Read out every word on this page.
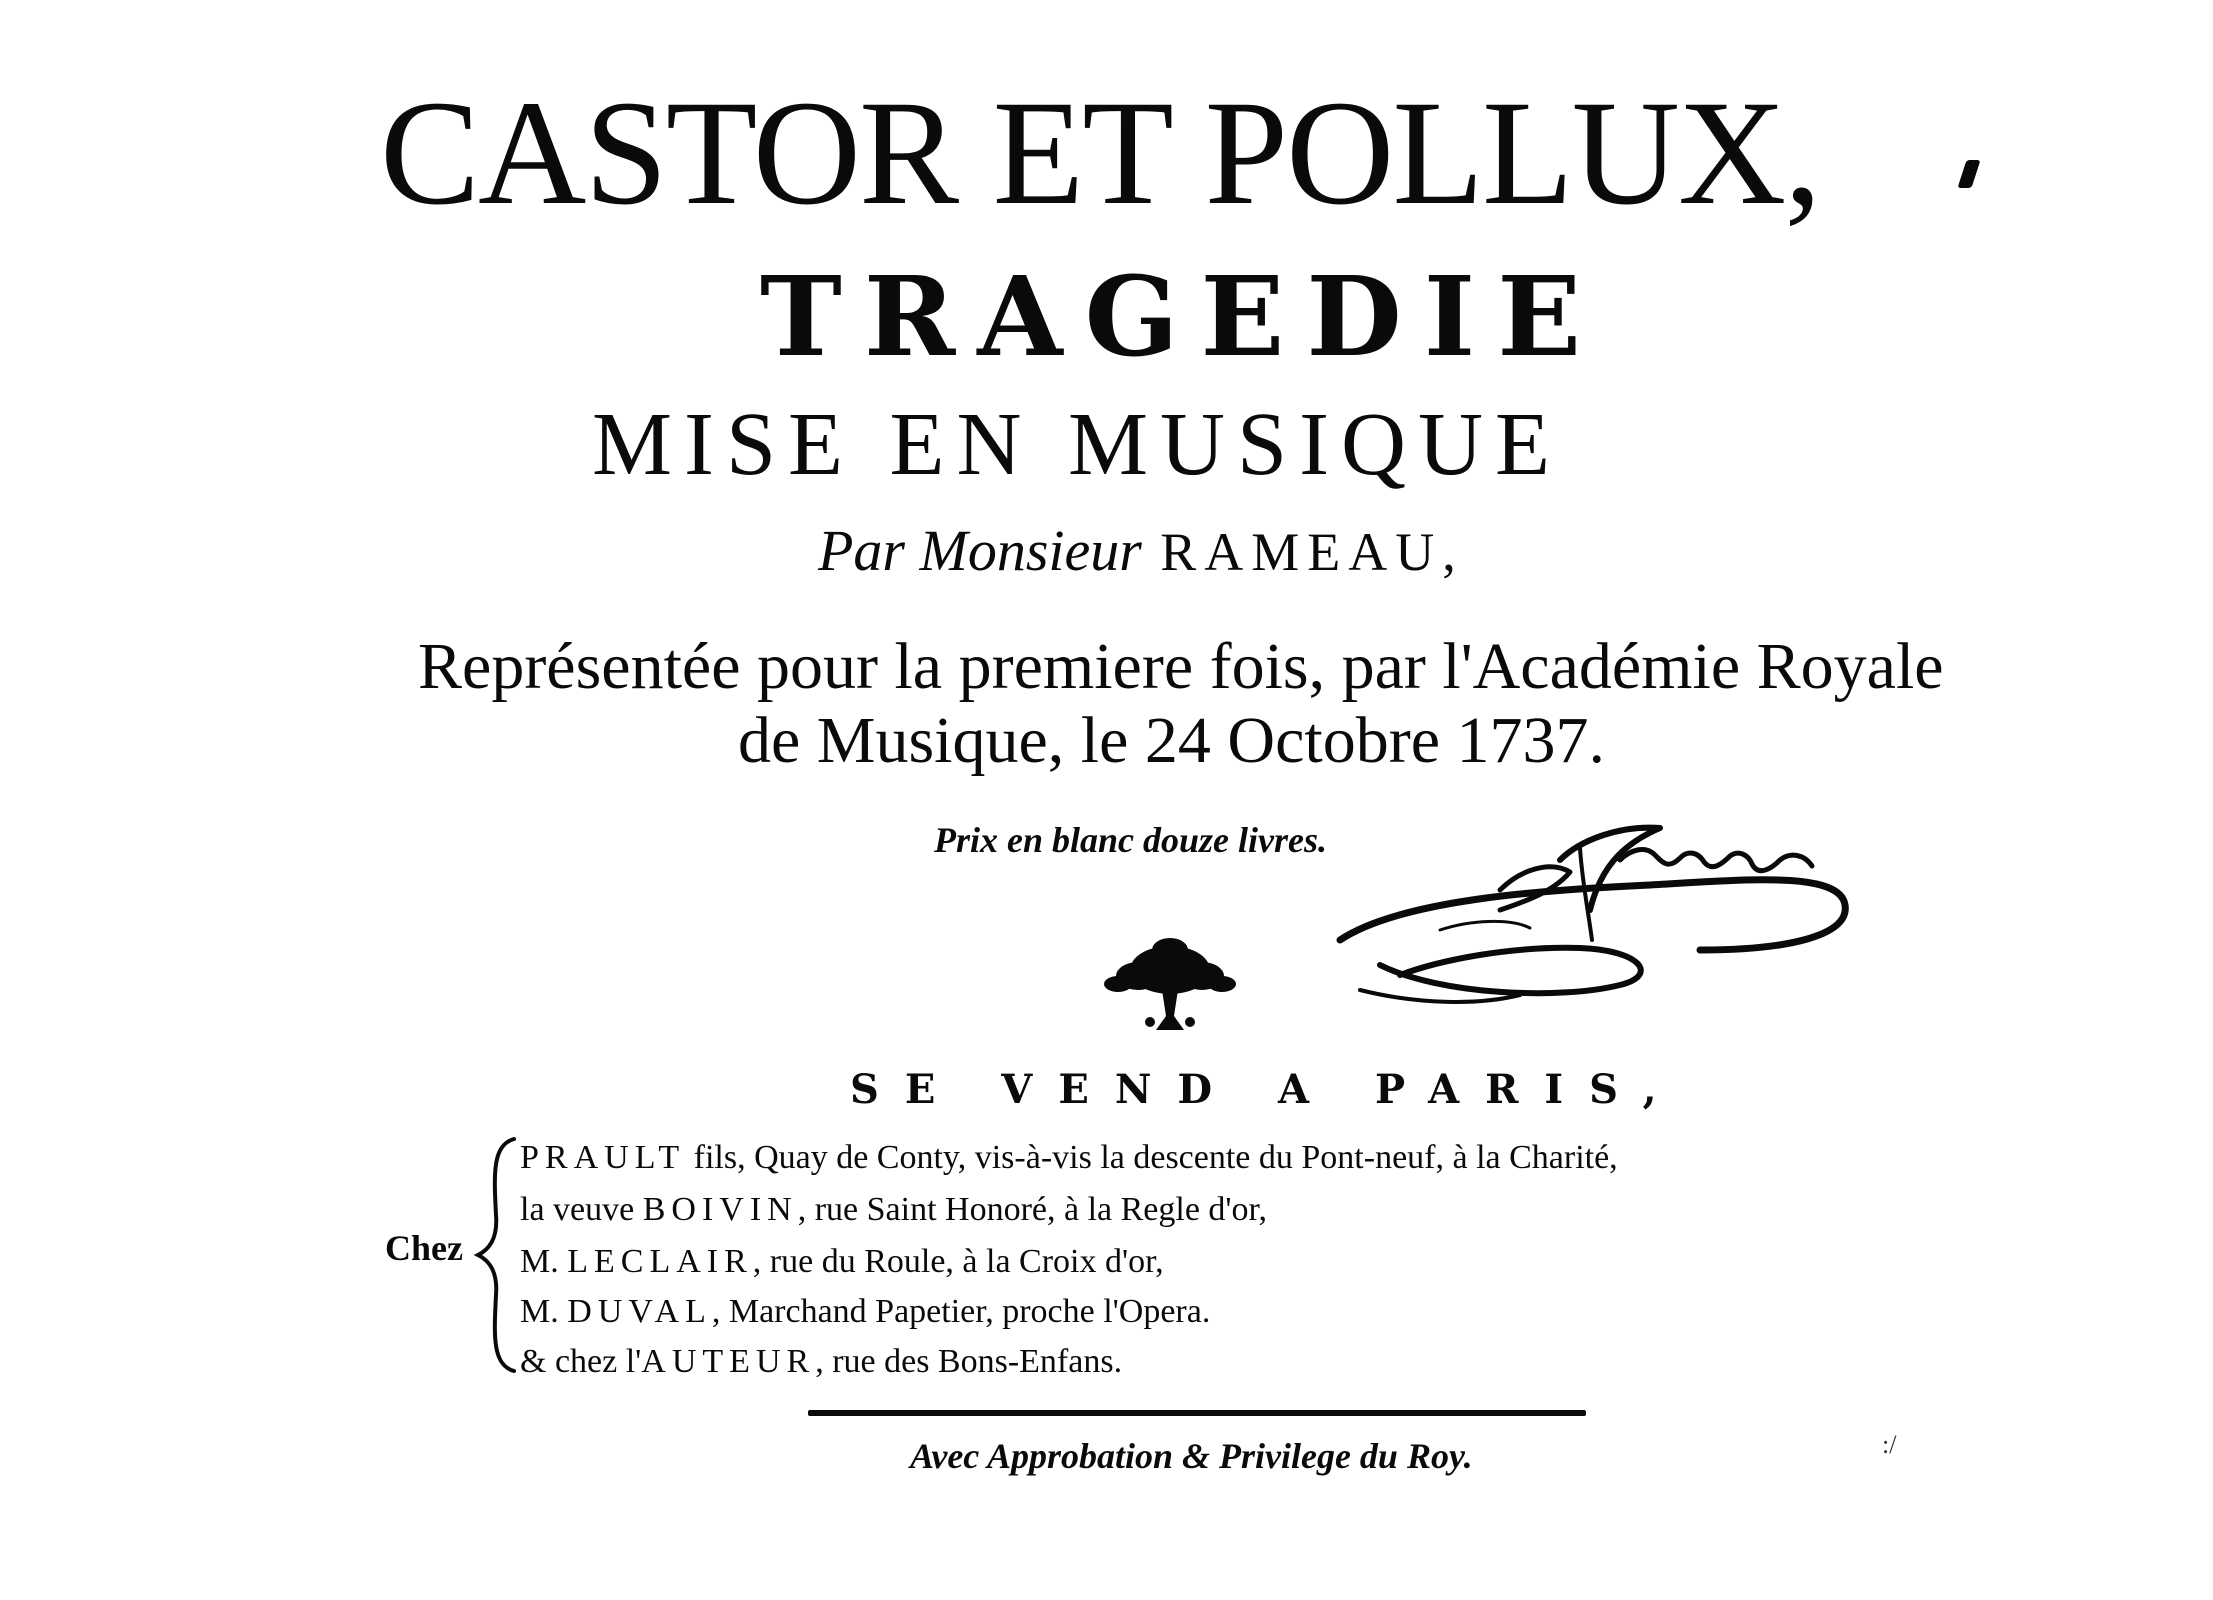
CASTOR ET POLLUX,
TRAGEDIE
MISE EN MUSIQUE
Par Monsieur RAMEAU,
Représentée pour la premiere fois, par l'Académie Royale
de Musique, le 24 Octobre 1737.
Prix en blanc douze livres.
SE VEND A PARIS,
Chez
PRAULT fils, Quay de Conty, vis-à-vis la descente du Pont-neuf, à la Charité,
la veuve BOIVIN, rue Saint Honoré, à la Regle d'or,
M. LECLAIR, rue du Roule, à la Croix d'or,
M. DUVAL, Marchand Papetier, proche l'Opera.
& chez l'AUTEUR, rue des Bons-Enfans.
Avec Approbation & Privilege du Roy.	:/
